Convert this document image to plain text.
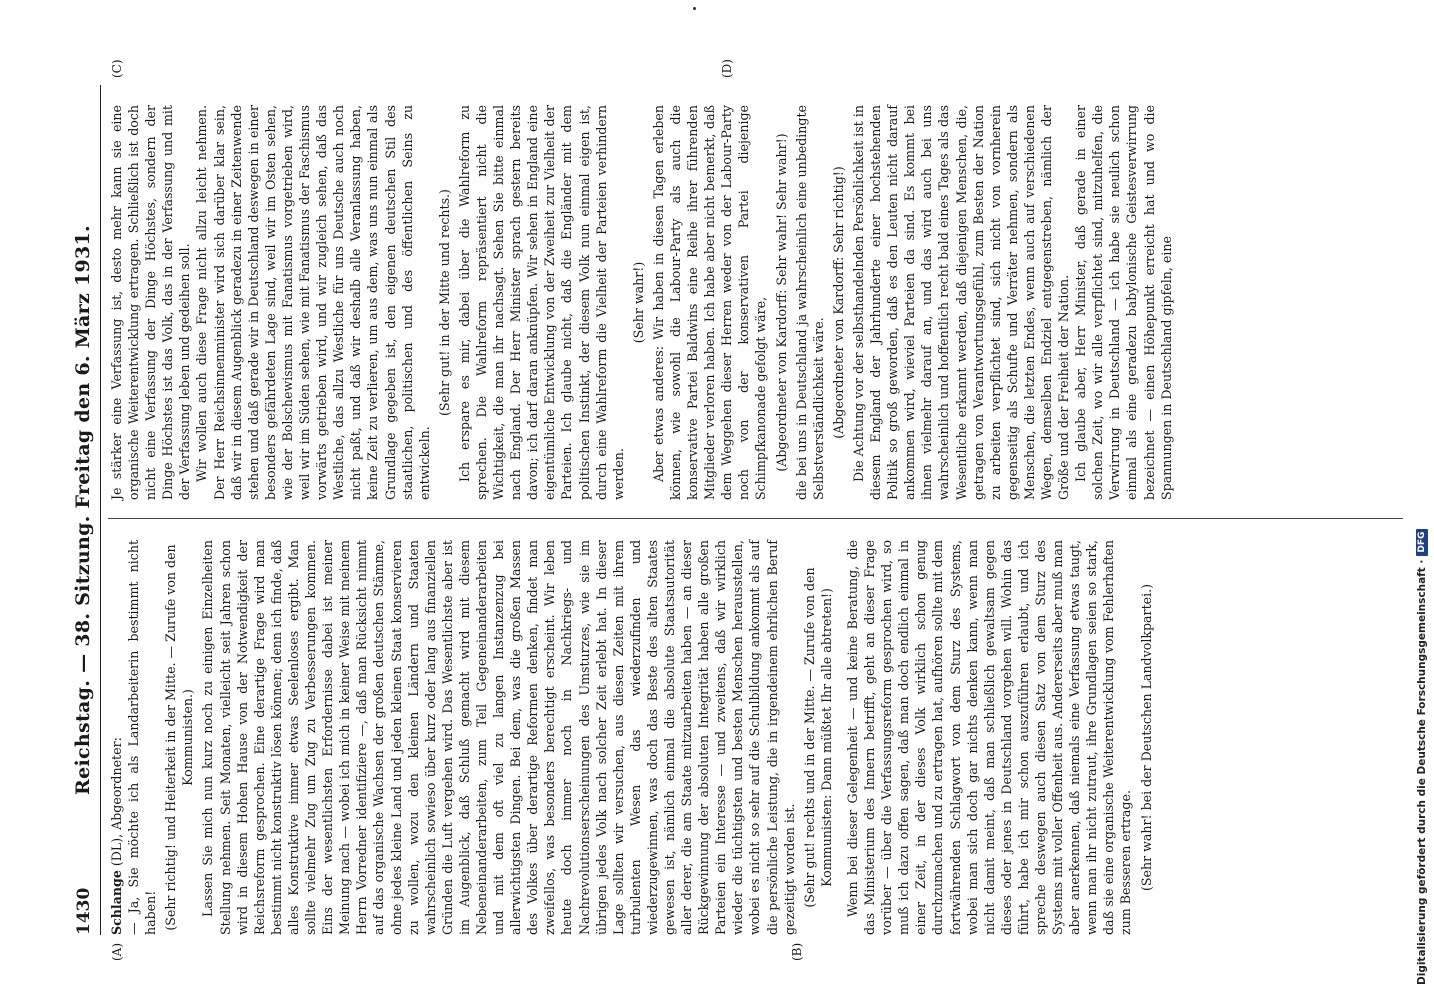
1430
Reichstag. — 38. Sitzung. Freitag den 6. März 1931.
(A)	(B)
(C)	(D)

Schlange (DL), Abgeordneter: — Ja, Sie möchte ich als Landarbeiterin bestimmt nicht haben! (Sehr richtig! und Heiterkeit in der Mitte. — Zurufe von den Kommunisten.) Lassen Sie mich nun kurz noch zu einigen Einzelheiten Stellung nehmen. Seit Monaten, vielleicht seit Jahren schon wird in diesem Hohen Hause von der Notwendigkeit der Reichsreform gesprochen. Eine derartige Frage wird man bestimmt nicht konstruktiv lösen können; denn ich finde, daß alles Konstruktive immer etwas Seelenloses ergibt. Man sollte vielmehr Zug um Zug zu Verbesserungen kommen. Eins der wesentlichsten Erfordernisse dabei ist meiner Meinung nach — wobei ich mich in keiner Weise mit meinem Herrn Vorredner identifiziere —, daß man Rücksicht nimmt auf das organische Wachsen der großen deutschen Stämme, ohne jedes kleine Land und jeden kleinen Staat konservieren zu wollen, wozu den kleinen Ländern und Staaten wahrscheinlich sowieso über kurz oder lang aus finanziellen Gründen die Luft vergehen wird. Das Wesentlichste aber ist im Augenblick, daß Schluß gemacht wird mit diesem Nebeneinanderarbeiten, zum Teil Gegeneinanderarbeiten und mit dem oft viel zu langen Instanzenzug bei allerwichtigsten Dingen. Bei dem, was die großen Massen des Volkes über derartige Reformen denken, findet man zweifellos, was besonders berechtigt erscheint. Wir leben heute doch immer noch in Nachkriegs- und Nachrevolutionserscheinungen des Umsturzes, wie sie im übrigen jedes Volk nach solcher Zeit erlebt hat. In dieser Lage sollten wir versuchen, aus diesen Zeiten mit ihrem turbulenten Wesen das wiederzufinden und wiederzugewinnen, was doch das Beste des alten Staates gewesen ist, nämlich einmal die absolute Staatsautorität aller derer, die am Staate mitzuarbeiten haben — an dieser Rückgewinnung der absoluten Integrität haben alle großen Parteien ein Interesse — und zweitens, daß wir wirklich wieder die tüchtigsten und besten Menschen herausstellen, wobei es nicht so sehr auf die Schulbildung ankommt als auf die persönliche Leistung, die in irgendeinem ehrlichen Beruf gezeitigt worden ist. (Sehr gut! rechts und in der Mitte. — Zurufe von den Kommunisten: Dann müßtet Ihr alle abtreten!) Wenn bei dieser Gelegenheit — und keine Beratung, die das Ministerium des Innern betrifft, geht an dieser Frage vorüber — über die Verfassungsreform gesprochen wird, so muß ich dazu offen sagen, daß man doch endlich einmal in einer Zeit, in der dieses Volk wirklich schon genug durchzumachen und zu ertragen hat, aufhören sollte mit dem fortwährenden Schlagwort von dem Sturz des Systems, wobei man sich doch gar nichts denken kann, wenn man nicht damit meint, daß man schließlich gewaltsam gegen dieses oder jenes in Deutschland vorgehen will. Wohin das führt, habe ich mir schon auszuführen erlaubt, und ich spreche deswegen auch diesen Satz von dem Sturz des Systems mit voller Offenheit aus. Andererseits aber muß man aber anerkennen, daß niemals eine Verfassung etwas taugt, wenn man ihr nicht zutraut, ihre Grundlagen seien so stark, daß sie eine organische Weiterentwicklung vom Fehlerhaften zum Besseren ertrage. (Sehr wahr! bei der Deutschen Landvolkpartei.)

Je stärker eine Verfassung ist, desto mehr kann sie eine organische Weiterentwicklung ertragen. Schließlich ist doch nicht eine Verfassung der Dinge Höchstes, sondern der Dinge Höchstes ist das Volk, das in der Verfassung und mit der Verfassung leben und gedeihen soll. Wir wollen auch diese Frage nicht allzu leicht nehmen. Der Herr Reichsinnenminister wird sich darüber klar sein, daß wir in diesem Augenblick geradezu in einer Zeitenwende stehen und daß gerade wir in Deutschland deswegen in einer besonders gefährdeten Lage sind, weil wir im Osten sehen, wie der Bolschewismus mit Fanatismus vorgetrieben wird, weil wir im Süden sehen, wie mit Fanatismus der Faschismus vorwärts getrieben wird, und wir zugleich sehen, daß das Westliche, das allzu Westliche für uns Deutsche auch noch nicht paßt, und daß wir deshalb alle Veranlassung haben, keine Zeit zu verlieren, um aus dem, was uns nun einmal als Grundlage gegeben ist, den eigenen deutschen Stil des staatlichen, politischen und des öffentlichen Seins zu entwickeln.

(Sehr gut! in der Mitte und rechts.) Ich erspare es mir, dabei über die Wahlreform zu sprechen. Die Wahlreform repräsentiert nicht die Wichtigkeit, die man ihr nachsagt. Sehen Sie bitte einmal nach England. Der Herr Minister sprach gestern bereits davon; ich darf daran anknüpfen. Wir sehen in England eine eigentümliche Entwicklung von der Zweiheit zur Vielheit der Parteien. Ich glaube nicht, daß die Engländer mit dem politischen Instinkt, der diesem Volk nun einmal eigen ist, durch eine Wahlreform die Vielheit der Parteien verhindern werden.

(Sehr wahr!) Aber etwas anderes: Wir haben in diesen Tagen erleben können, wie sowohl die Labour-Party als auch die konservative Partei Baldwins eine Reihe ihrer führenden Mitglieder verloren haben. Ich habe aber nicht bemerkt, daß dem Weggehen dieser Herren weder von der Labour-Party noch von der konservativen Partei diejenige Schimpfkanonade gefolgt wäre, (Abgeordneter von Kardorff: Sehr wahr! Sehr wahr!) die bei uns in Deutschland ja wahrscheinlich eine unbedingte Selbstverständlichkeit wäre. (Abgeordneter von Kardorff: Sehr richtig!) Die Achtung vor der selbsthandelnden Persönlichkeit ist in diesem England der Jahrhunderte einer hochstehenden Politik so groß geworden, daß es den Leuten nicht darauf ankommen wird, wieviel Parteien da sind. Es kommt bei ihnen vielmehr darauf an, und das wird auch bei uns wahrscheinlich und hoffentlich recht bald eines Tages als das Wesentliche erkannt werden, daß diejenigen Menschen, die, getragen von Verantwortungsgefühl, zum Besten der Nation zu arbeiten verpflichtet sind, sich nicht von vornherein gegenseitig als Schufte und Verräter nehmen, sondern als Menschen, die letzten Endes, wenn auch auf verschiedenen Wegen, demselben Endziel entgegenstreben, nämlich der Größe und der Freiheit der Nation. Ich glaube aber, Herr Minister, daß gerade in einer solchen Zeit, wo wir alle verpflichtet sind, mitzuhelfen, die Verwirrung in Deutschland — ich habe sie neulich schon einmal als eine geradezu babylonische Geistesverwirrung bezeichnet — einen Höhepunkt erreicht hat und wo die Spannungen in Deutschland gipfeln, eine

Digitalisierung gefördert durch die Deutsche Forschungsgemeinschaft ·
DFG
